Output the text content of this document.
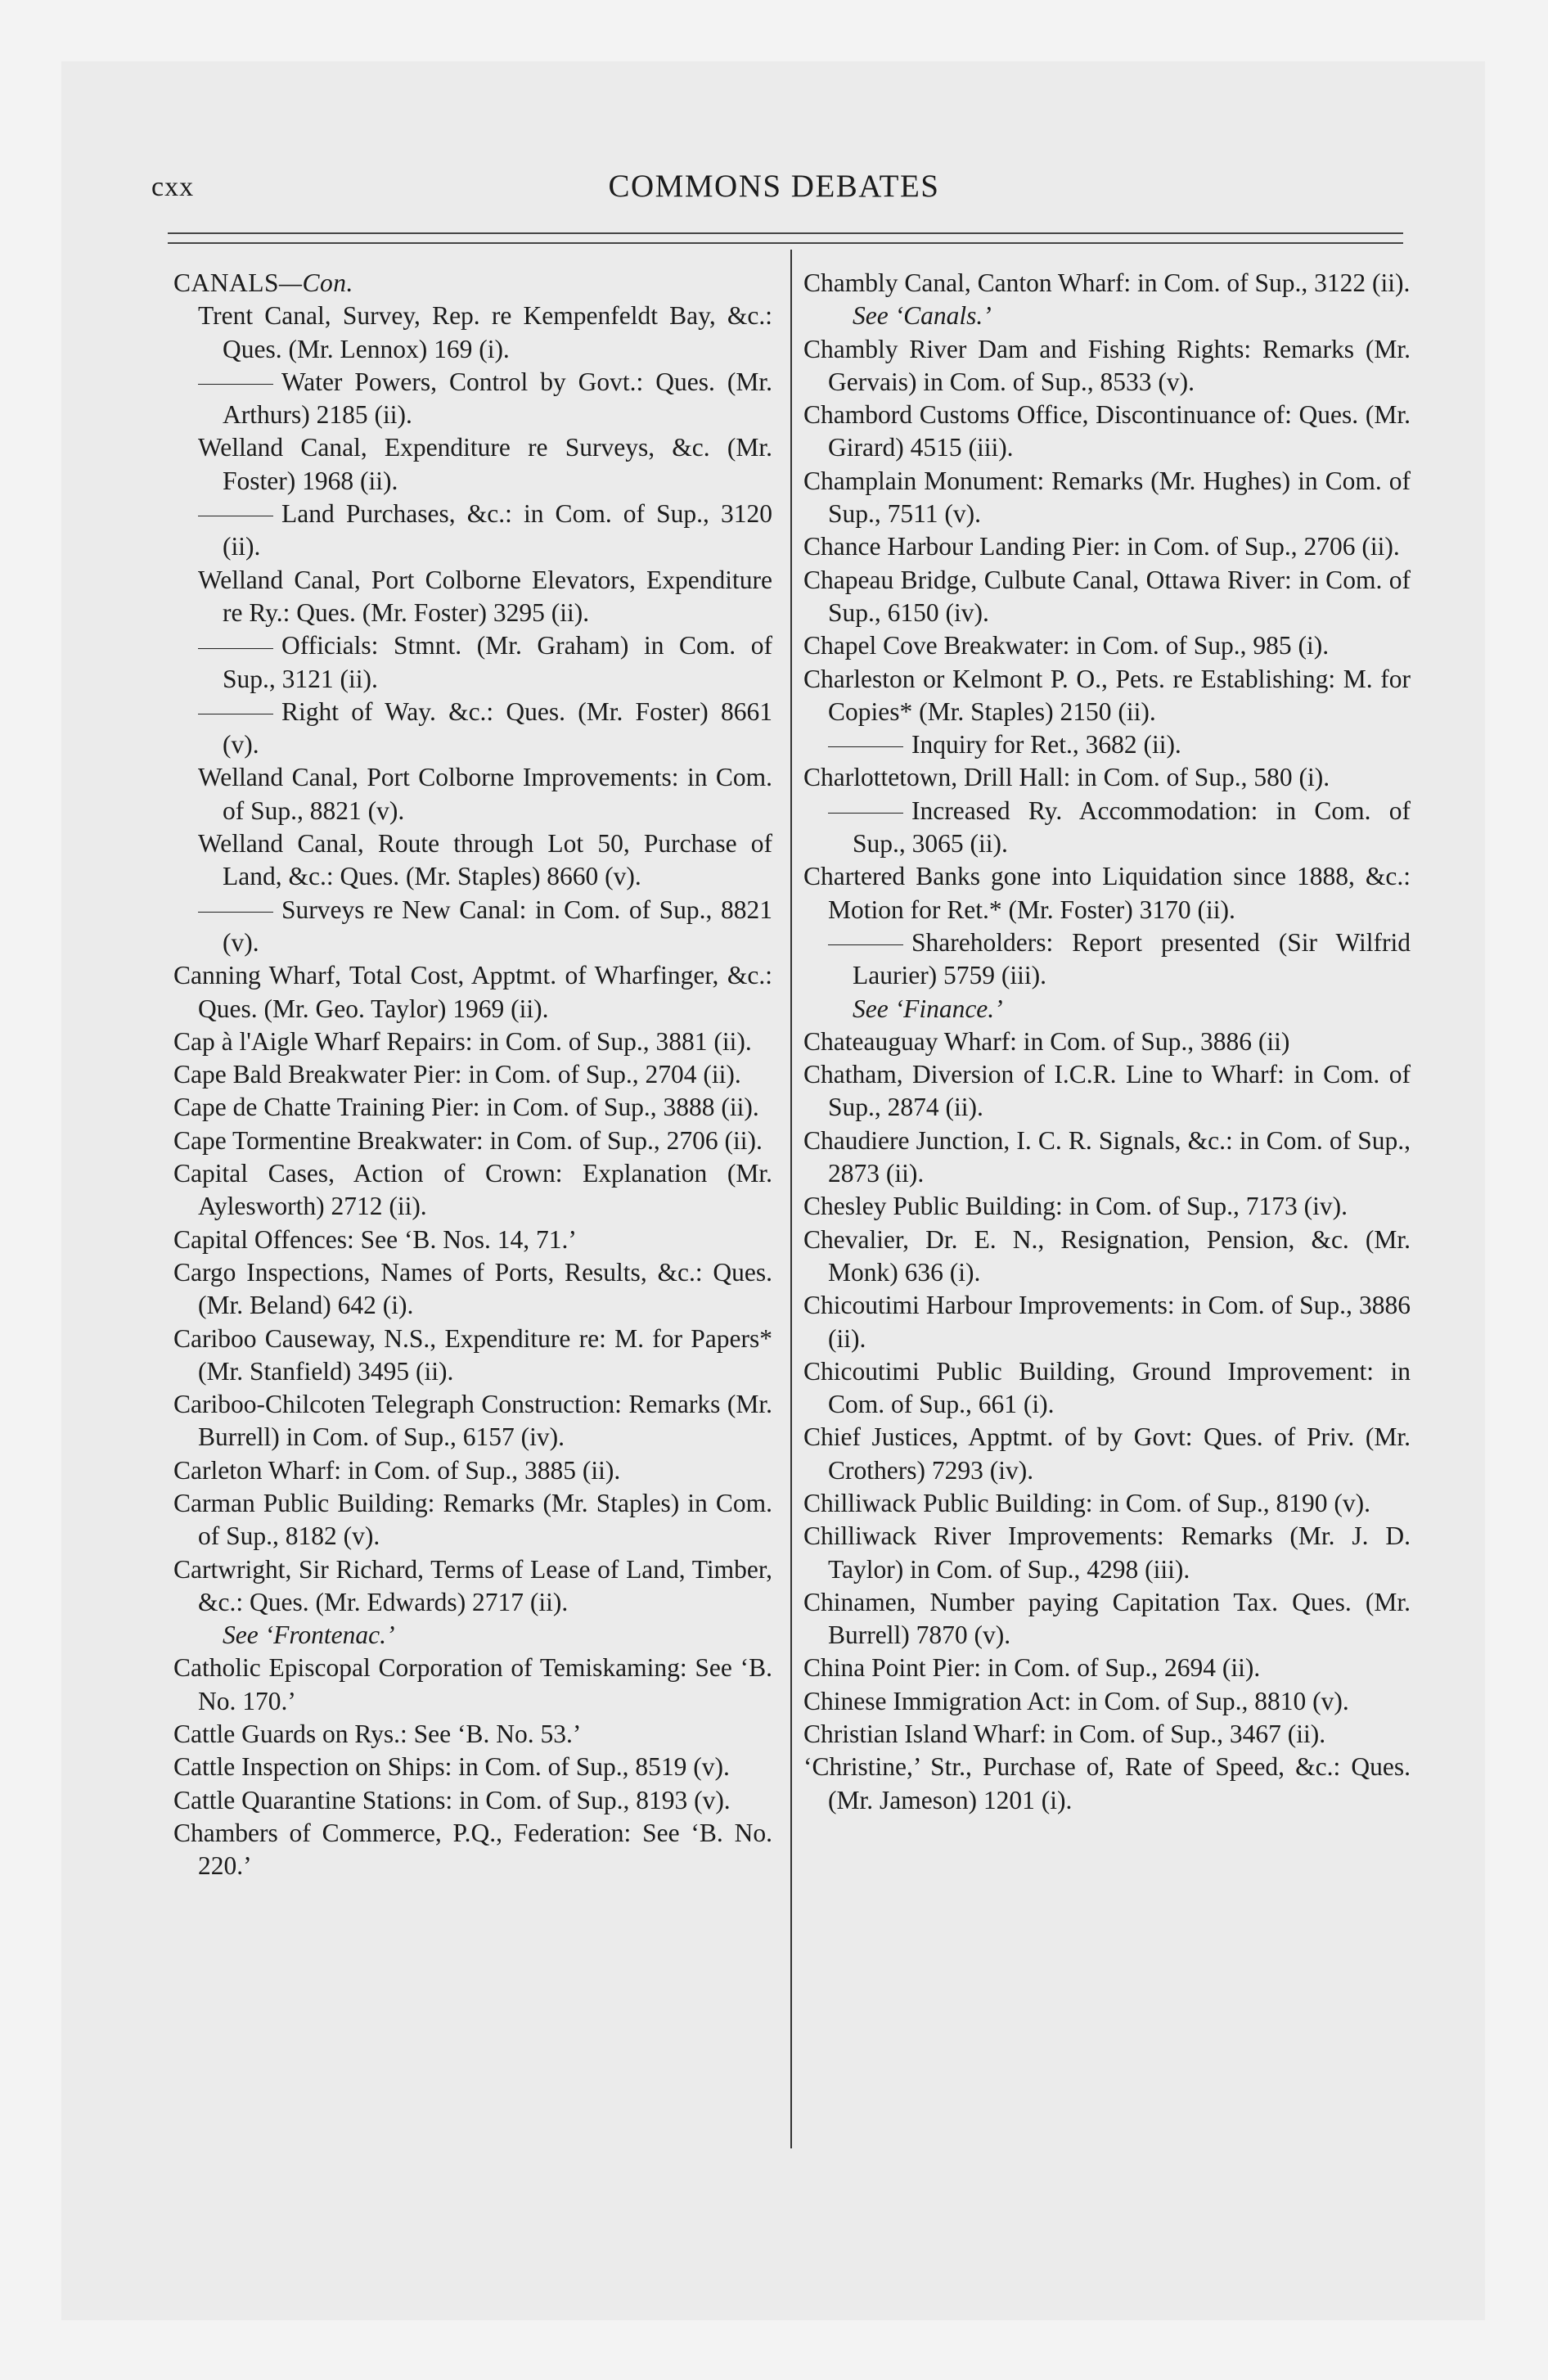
cxx	COMMONS DEBATES
CANALS—Con.
Trent Canal, Survey, Rep. re Kempenfeldt Bay, &c.: Ques. (Mr. Lennox) 169 (i).
Water Powers, Control by Govt.: Ques. (Mr. Arthurs) 2185 (ii).
Welland Canal, Expenditure re Surveys, &c. (Mr. Foster) 1968 (ii).
Land Purchases, &c.: in Com. of Sup., 3120 (ii).
Welland Canal, Port Colborne Elevators, Expenditure re Ry.: Ques. (Mr. Foster) 3295 (ii).
Officials: Stmnt. (Mr. Graham) in Com. of Sup., 3121 (ii).
Right of Way. &c.: Ques. (Mr. Foster) 8661 (v).
Welland Canal, Port Colborne Improvements: in Com. of Sup., 8821 (v).
Welland Canal, Route through Lot 50, Purchase of Land, &c.: Ques. (Mr. Staples) 8660 (v).
Surveys re New Canal: in Com. of Sup., 8821 (v).
Canning Wharf, Total Cost, Apptmt. of Wharfinger, &c.: Ques. (Mr. Geo. Taylor) 1969 (ii).
Cap à l'Aigle Wharf Repairs: in Com. of Sup., 3881 (ii).
Cape Bald Breakwater Pier: in Com. of Sup., 2704 (ii).
Cape de Chatte Training Pier: in Com. of Sup., 3888 (ii).
Cape Tormentine Breakwater: in Com. of Sup., 2706 (ii).
Capital Cases, Action of Crown: Explanation (Mr. Aylesworth) 2712 (ii).
Capital Offences: See ‘B. Nos. 14, 71.’
Cargo Inspections, Names of Ports, Results, &c.: Ques. (Mr. Beland) 642 (i).
Cariboo Causeway, N.S., Expenditure re: M. for Papers* (Mr. Stanfield) 3495 (ii).
Cariboo-Chilcoten Telegraph Construction: Remarks (Mr. Burrell) in Com. of Sup., 6157 (iv).
Carleton Wharf: in Com. of Sup., 3885 (ii).
Carman Public Building: Remarks (Mr. Staples) in Com. of Sup., 8182 (v).
Cartwright, Sir Richard, Terms of Lease of Land, Timber, &c.: Ques. (Mr. Edwards) 2717 (ii).
See ‘Frontenac.’
Catholic Episcopal Corporation of Temiskaming: See ‘B. No. 170.’
Cattle Guards on Rys.: See ‘B. No. 53.’
Cattle Inspection on Ships: in Com. of Sup., 8519 (v).
Cattle Quarantine Stations: in Com. of Sup., 8193 (v).
Chambers of Commerce, P.Q., Federation: See ‘B. No. 220.’
Chambly Canal, Canton Wharf: in Com. of Sup., 3122 (ii).
See ‘Canals.’
Chambly River Dam and Fishing Rights: Remarks (Mr. Gervais) in Com. of Sup., 8533 (v).
Chambord Customs Office, Discontinuance of: Ques. (Mr. Girard) 4515 (iii).
Champlain Monument: Remarks (Mr. Hughes) in Com. of Sup., 7511 (v).
Chance Harbour Landing Pier: in Com. of Sup., 2706 (ii).
Chapeau Bridge, Culbute Canal, Ottawa River: in Com. of Sup., 6150 (iv).
Chapel Cove Breakwater: in Com. of Sup., 985 (i).
Charleston or Kelmont P. O., Pets. re Establishing: M. for Copies* (Mr. Staples) 2150 (ii).
Inquiry for Ret., 3682 (ii).
Charlottetown, Drill Hall: in Com. of Sup., 580 (i).
Increased Ry. Accommodation: in Com. of Sup., 3065 (ii).
Chartered Banks gone into Liquidation since 1888, &c.: Motion for Ret.* (Mr. Foster) 3170 (ii).
Shareholders: Report presented (Sir Wilfrid Laurier) 5759 (iii).
See ‘Finance.’
Chateauguay Wharf: in Com. of Sup., 3886 (ii)
Chatham, Diversion of I.C.R. Line to Wharf: in Com. of Sup., 2874 (ii).
Chaudiere Junction, I. C. R. Signals, &c.: in Com. of Sup., 2873 (ii).
Chesley Public Building: in Com. of Sup., 7173 (iv).
Chevalier, Dr. E. N., Resignation, Pension, &c. (Mr. Monk) 636 (i).
Chicoutimi Harbour Improvements: in Com. of Sup., 3886 (ii).
Chicoutimi Public Building, Ground Improvement: in Com. of Sup., 661 (i).
Chief Justices, Apptmt. of by Govt: Ques. of Priv. (Mr. Crothers) 7293 (iv).
Chilliwack Public Building: in Com. of Sup., 8190 (v).
Chilliwack River Improvements: Remarks (Mr. J. D. Taylor) in Com. of Sup., 4298 (iii).
Chinamen, Number paying Capitation Tax. Ques. (Mr. Burrell) 7870 (v).
China Point Pier: in Com. of Sup., 2694 (ii).
Chinese Immigration Act: in Com. of Sup., 8810 (v).
Christian Island Wharf: in Com. of Sup., 3467 (ii).
‘Christine,’ Str., Purchase of, Rate of Speed, &c.: Ques. (Mr. Jameson) 1201 (i).
